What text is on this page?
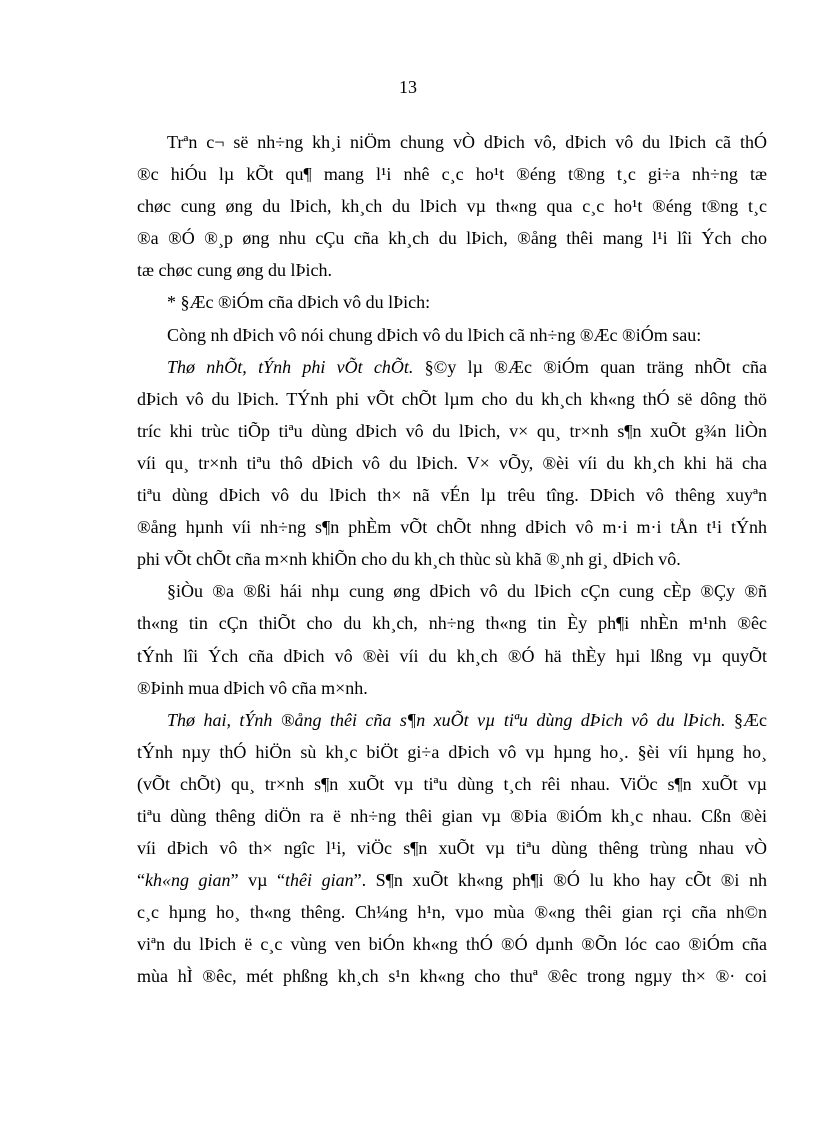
13
Trªn c¬ së nh÷ng kh¸i niÖm chung vÒ dÞich vô, dÞich vô du lÞich cã thÓ
®c hiÓu lµ kÕt qu¶ mang l¹i nhê c¸c ho¹t ®éng t®ng t¸c gi÷a nh÷ng tæ
chøc cung øng du lÞich, kh¸ch du lÞich vµ th«ng qua c¸c ho¹t ®éng t®ng t¸c
®a ®Ó ®¸p øng nhu cÇu cña kh¸ch du lÞich, ®ång thêi mang l¹i lîi Ých cho
tæ chøc cung øng du lÞich.
* §Æc ®iÓm cña dÞich vô du lÞich:
Còng nh dÞich vô nói chung dÞich vô du lÞich cã nh÷ng ®Æc ®iÓm sau:
Thø nhÕt, tÝnh phi vÕt chÕt. §©y lµ ®Æc ®iÓm quan träng nhÕt cña
dÞich vô du lÞich. TÝnh phi vÕt chÕt lµm cho du kh¸ch kh«ng thÓ së dông thö
tríc khi trùc tiÕp tiªu dùng dÞich vô du lÞich, v× qu¸ tr×nh s¶n xuÕt g¾n liÒn
víi qu¸ tr×nh tiªu thô dÞich vô du lÞich. V× vÕy, ®èi víi du kh¸ch khi hä cha
tiªu dùng dÞich vô du lÞich th× nã vÉn lµ trêu tîng. DÞich vô thêng xuyªn
®ång hµnh víi nh÷ng s¶n phÈm vÕt chÕt nhng dÞich vô m·i m·i tÅn t¹i tÝnh
phi vÕt chÕt cña m×nh khiÕn cho du kh¸ch thùc sù khã ®¸nh gi¸ dÞich vô.
§iÒu ®a ®ßi hái nhµ cung øng dÞich vô du lÞich cÇn cung cÈp ®Çy ®ñ
th«ng tin cÇn thiÕt cho du kh¸ch, nh÷ng th«ng tin Èy ph¶i nhÈn m¹nh ®êc
tÝnh lîi Ých cña dÞich vô ®èi víi du kh¸ch ®Ó hä thÈy hµi lßng vµ quyÕt
®Þinh mua dÞich vô cña m×nh.
Thø hai, tÝnh ®ång thêi cña s¶n xuÕt vµ tiªu dùng dÞich vô du lÞich. §Æc
tÝnh nµy thÓ hiÖn sù kh¸c biÖt gi÷a dÞich vô vµ hµng ho¸. §èi víi hµng ho¸
(vÕt chÕt) qu¸ tr×nh s¶n xuÕt vµ tiªu dùng t¸ch rêi nhau. ViÖc s¶n xuÕt vµ
tiªu dùng thêng diÖn ra ë nh÷ng thêi gian vµ ®Þia ®iÓm kh¸c nhau. Cßn ®èi
víi dÞich vô th× ngîc l¹i, viÖc s¶n xuÕt vµ tiªu dùng thêng trùng nhau vÒ
“kh«ng gian” vµ “thêi gian”. S¶n xuÕt kh«ng ph¶i ®Ó lu kho hay cÕt ®i nh
c¸c hµng ho¸ th«ng thêng. Ch¼ng h¹n, vµo mùa ®«ng thêi gian rçi cña nh©n
viªn du lÞich ë c¸c vùng ven biÓn kh«ng thÓ ®Ó dµnh ®Õn lóc cao ®iÓm cña
mùa hÌ ®êc, mét phßng kh¸ch s¹n kh«ng cho thuª ®êc trong ngµy th× ®· coi
